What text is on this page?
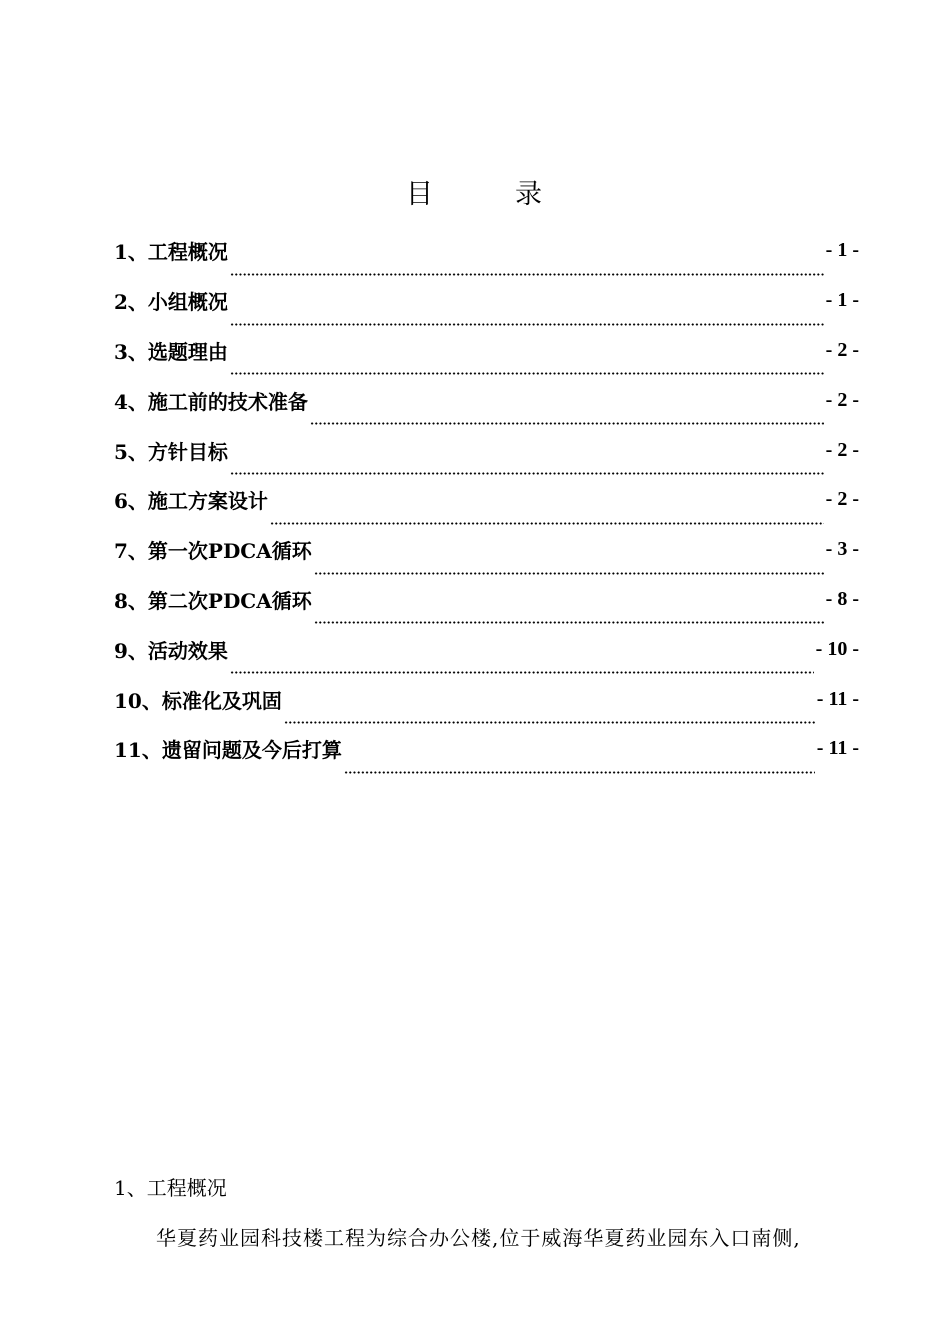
目	录
1、工程概况	- 1 -
2、小组概况	- 1 -
3、选题理由	- 2 -
4、施工前的技术准备	- 2 -
5、方针目标	- 2 -
6、施工方案设计	- 2 -
7、第一次PDCA循环	- 3 -
8、第二次PDCA循环	- 8 -
9、活动效果	- 10 -
10、标准化及巩固	- 11 -
11、遗留问题及今后打算	- 11 -
1、工程概况
华夏药业园科技楼工程为综合办公楼,位于威海华夏药业园东入口南侧,
